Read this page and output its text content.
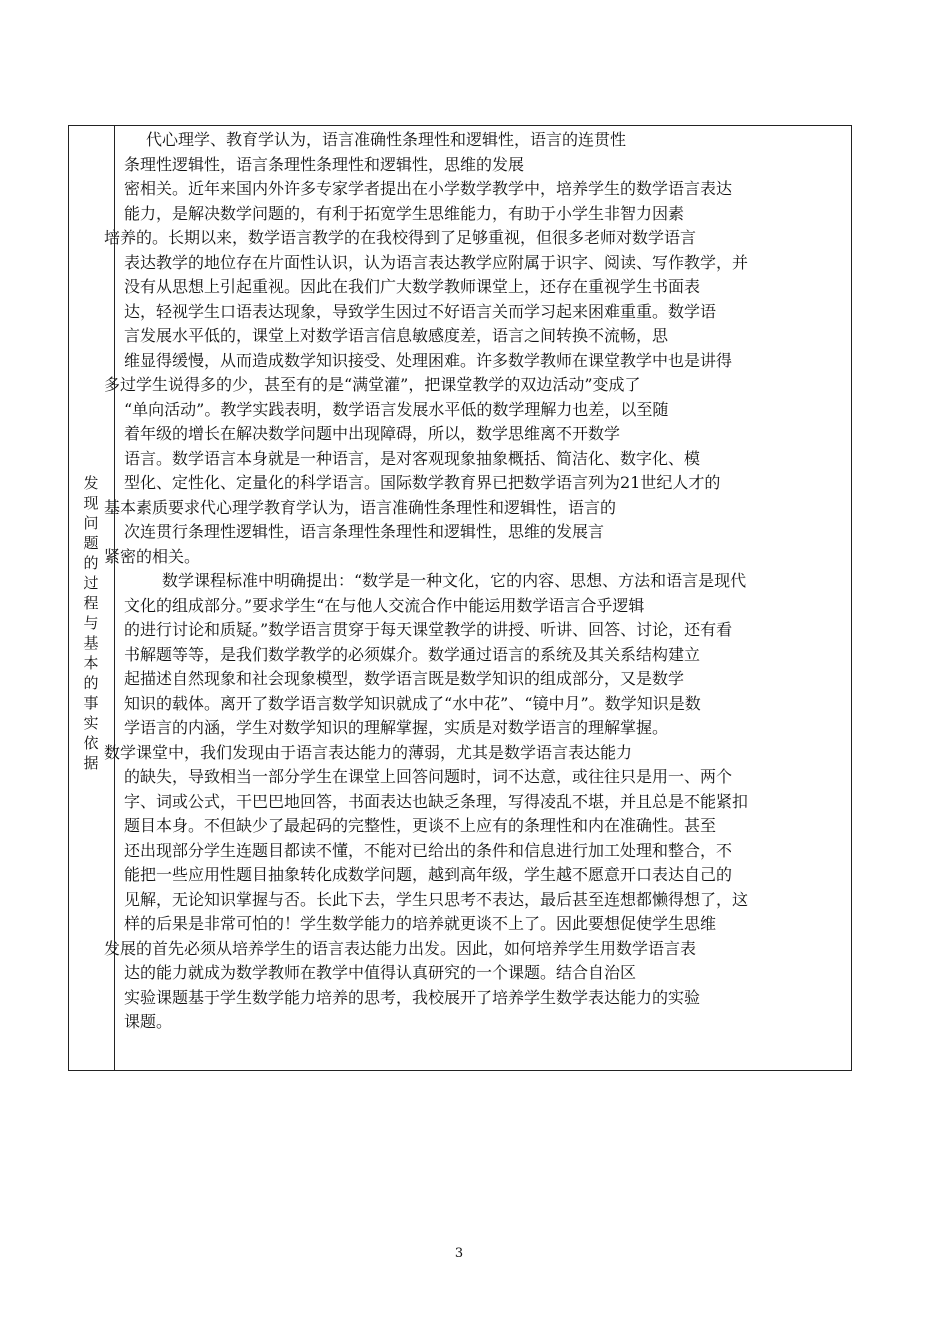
发现问题的过程与基本的事实依据

代心理学、教育学认为，语言准确性条理性和逻辑性，语言的连贯性

条理性逻辑性，语言条理性条理性和逻辑性，思维的发展

密相关。近年来国内外许多专家学者提出在小学数学教学中，培养学生的数学语言表达

能力，是解决数学问题的，有利于拓宽学生思维能力，有助于小学生非智力因素

培养的。长期以来，数学语言教学的在我校得到了足够重视，但很多老师对数学语言

表达教学的地位存在片面性认识，认为语言表达教学应附属于识字、阅读、写作教学，并

没有从思想上引起重视。因此在我们广大数学教师课堂上，还存在重视学生书面表

达，轻视学生口语表达现象，导致学生因过不好语言关而学习起来困难重重。数学语

言发展水平低的，课堂上对数学语言信息敏感度差，语言之间转换不流畅，思

维显得缓慢，从而造成数学知识接受、处理困难。许多数学教师在课堂教学中也是讲得

多过学生说得多的少，甚至有的是“满堂灌”，把课堂教学的双边活动”变成了

“单向活动”。教学实践表明，数学语言发展水平低的数学理解力也差，以至随

着年级的增长在解决数学问题中出现障碍，所以，数学思维离不开数学

语言。数学语言本身就是一种语言，是对客观现象抽象概括、简洁化、数字化、模

型化、定性化、定量化的科学语言。国际数学教育界已把数学语言列为21世纪人才的

基本素质要求代心理学教育学认为，语言准确性条理性和逻辑性，语言的

次连贯行条理性逻辑性，语言条理性条理性和逻辑性，思维的发展言

紧密的相关。

数学课程标准中明确提出：“数学是一种文化，它的内容、思想、方法和语言是现代

文化的组成部分。”要求学生“在与他人交流合作中能运用数学语言合乎逻辑

的进行讨论和质疑。”数学语言贯穿于每天课堂教学的讲授、听讲、回答、讨论，还有看

书解题等等，是我们数学教学的必须媒介。数学通过语言的系统及其关系结构建立

起描述自然现象和社会现象模型，数学语言既是数学知识的组成部分，又是数学

知识的载体。离开了数学语言数学知识就成了“水中花”、“镜中月”。数学知识是数

学语言的内涵，学生对数学知识的理解掌握，实质是对数学语言的理解掌握。

数学课堂中，我们发现由于语言表达能力的薄弱，尤其是数学语言表达能力

的缺失，导致相当一部分学生在课堂上回答问题时，词不达意，或往往只是用一、两个

字、词或公式，干巴巴地回答，书面表达也缺乏条理，写得凌乱不堪，并且总是不能紧扣

题目本身。不但缺少了最起码的完整性，更谈不上应有的条理性和内在准确性。甚至

还出现部分学生连题目都读不懂，不能对已给出的条件和信息进行加工处理和整合，不

能把一些应用性题目抽象转化成数学问题，越到高年级，学生越不愿意开口表达自己的

见解，无论知识掌握与否。长此下去，学生只思考不表达，最后甚至连想都懒得想了，这

样的后果是非常可怕的！学生数学能力的培养就更谈不上了。因此要想促使学生思维

发展的首先必须从培养学生的语言表达能力出发。因此，如何培养学生用数学语言表

达的能力就成为数学教师在教学中值得认真研究的一个课题。结合自治区

实验课题基于学生数学能力培养的思考，我校展开了培养学生数学表达能力的实验

课题。

3
